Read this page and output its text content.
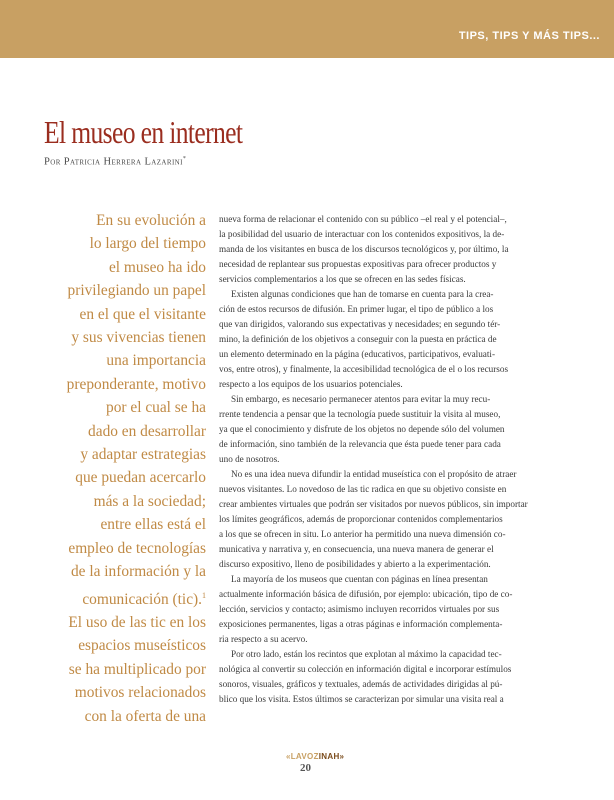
TIPS, TIPS Y MÁS TIPS...
El museo en internet
Por Patricia Herrera Lazarini*
En su evolución a
lo largo del tiempo
el museo ha ido
privilegiando un papel
en el que el visitante
y sus vivencias tienen
una importancia
preponderante, motivo
por el cual se ha
dado en desarrollar
y adaptar estrategias
que puedan acercarlo
más a la sociedad;
entre ellas está el
empleo de tecnologías
de la información y la
comunicación (tic).$^1$
El uso de las tic en los
espacios museísticos
se ha multiplicado por
motivos relacionados
con la oferta de una
nueva forma de relacionar el contenido con su público –el real y el potencial–,
la posibilidad del usuario de interactuar con los contenidos expositivos, la de-
manda de los visitantes en busca de los discursos tecnológicos y, por último, la
necesidad de replantear sus propuestas expositivas para ofrecer productos y
servicios complementarios a los que se ofrecen en las sedes físicas.
Existen algunas condiciones que han de tomarse en cuenta para la crea-
ción de estos recursos de difusión. En primer lugar, el tipo de público a los
que van dirigidos, valorando sus expectativas y necesidades; en segundo tér-
mino, la definición de los objetivos a conseguir con la puesta en práctica de
un elemento determinado en la página (educativos, participativos, evaluati-
vos, entre otros), y finalmente, la accesibilidad tecnológica de el o los recursos
respecto a los equipos de los usuarios potenciales.
Sin embargo, es necesario permanecer atentos para evitar la muy recu-
rrente tendencia a pensar que la tecnología puede sustituir la visita al museo,
ya que el conocimiento y disfrute de los objetos no depende sólo del volumen
de información, sino también de la relevancia que ésta puede tener para cada
uno de nosotros.
No es una idea nueva difundir la entidad museística con el propósito de atraer
nuevos visitantes. Lo novedoso de las tic radica en que su objetivo consiste en
crear ambientes virtuales que podrán ser visitados por nuevos públicos, sin importar
los límites geográficos, además de proporcionar contenidos complementarios
a los que se ofrecen in situ. Lo anterior ha permitido una nueva dimensión co-
municativa y narrativa y, en consecuencia, una nueva manera de generar el
discurso expositivo, lleno de posibilidades y abierto a la experimentación.
La mayoría de los museos que cuentan con páginas en línea presentan
actualmente información básica de difusión, por ejemplo: ubicación, tipo de co-
lección, servicios y contacto; asimismo incluyen recorridos virtuales por sus
exposiciones permanentes, ligas a otras páginas e información complementa-
ria respecto a su acervo.
Por otro lado, están los recintos que explotan al máximo la capacidad tec-
nológica al convertir su colección en información digital e incorporar estímulos
sonoros, visuales, gráficos y textuales, además de actividades dirigidas al pú-
blico que los visita. Estos últimos se caracterizan por simular una visita real a
«LAVOZINAH»
20
